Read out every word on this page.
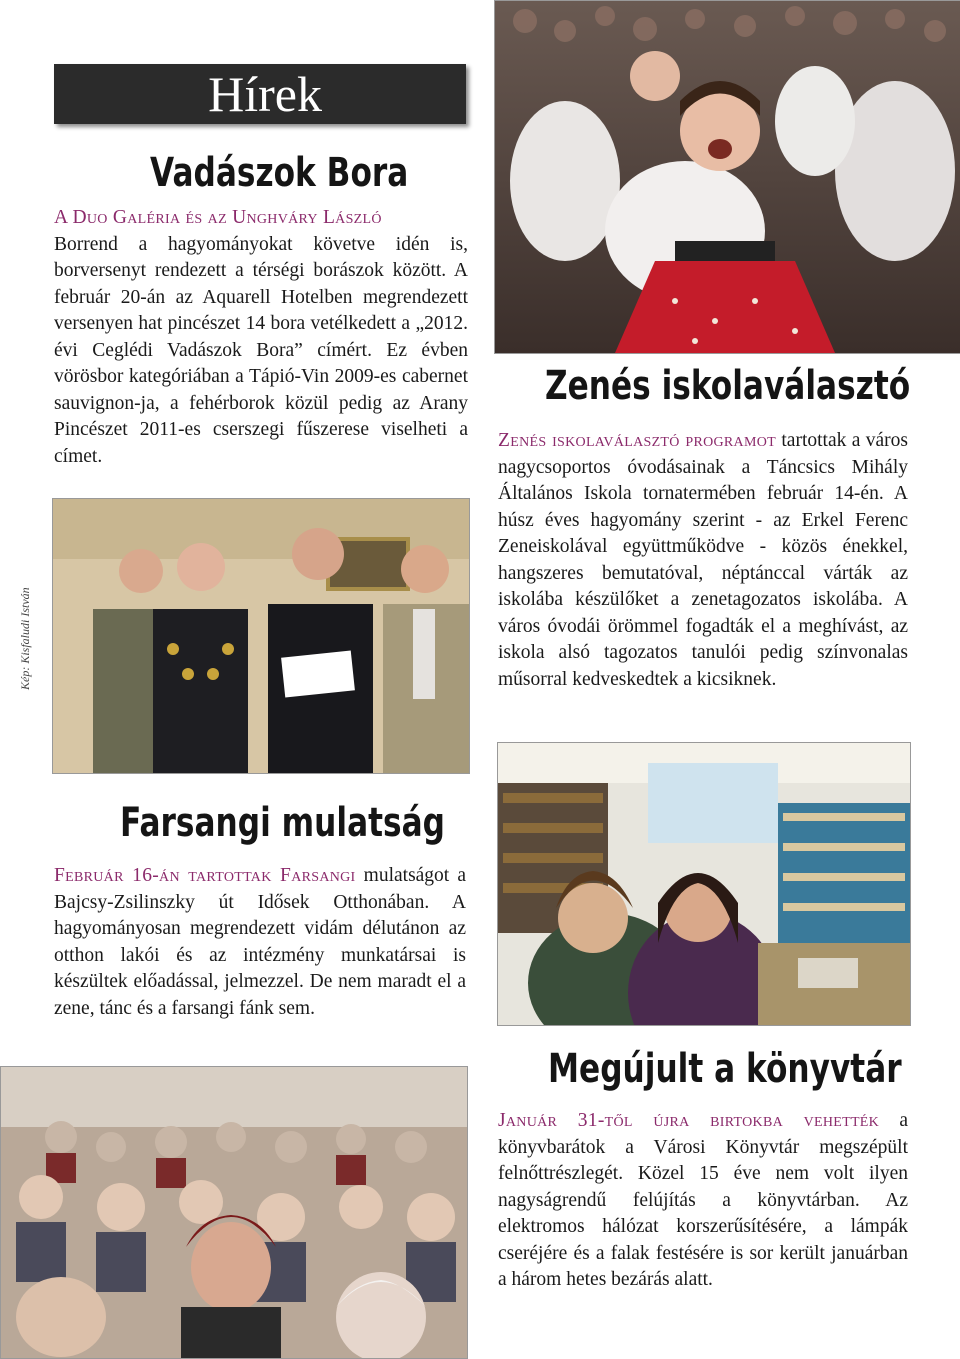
Hírek
Vadászok Bora
A Duo Galéria és az Unghváry László
Borrend a hagyományokat követve idén is, borversenyt rendezett a térségi borászok között. A február 20-án az Aquarell Hotelben megrendezett versenyen hat pincészet 14 bora vetélkedett a „2012. évi Ceglédi Vadászok Bora” címért. Ez évben vörösbor kategóriában a Tápió-Vin 2009-es cabernet sauvignon-ja, a fehérborok közül pedig az Arany Pincészet 2011-es cserszegi fűszerese viselheti a címet.
Kép: Kisfaludi István
Zenés iskolaválasztó
Zenés iskolaválasztó programot tartottak a város nagycsoportos óvodásainak a Táncsics Mihály Általános Iskola tornatermében február 14-én. A húsz éves hagyomány szerint - az Erkel Ferenc Zeneiskolával együttműködve - közös énekkel, hangszeres bemutatóval, néptánccal várták az iskolába készülőket a zenetagozatos iskolába. A város óvodái örömmel fogadták el a meghívást, az iskola alsó tagozatos tanulói pedig színvonalas műsorral kedveskedtek a kicsiknek.
Farsangi mulatság
Február 16-án tartottak Farsangi mulatságot a Bajcsy-Zsilinszky út Idősek Otthonában. A hagyományosan megrendezett vidám délutánon az otthon lakói és az intézmény munkatársai is készültek előadással, jelmezzel. De nem maradt el a zene, tánc és a farsangi fánk sem.
Megújult a könyvtár
Január 31-től újra birtokba vehették a könyvbarátok a Városi Könyvtár megszépült felnőttrészlegét. Közel 15 éve nem volt ilyen nagyságrendű felújítás a könyvtárban. Az elektromos hálózat korszerűsítésére, a lámpák cseréjére és a falak festésére is sor került januárban a három hetes bezárás alatt.
